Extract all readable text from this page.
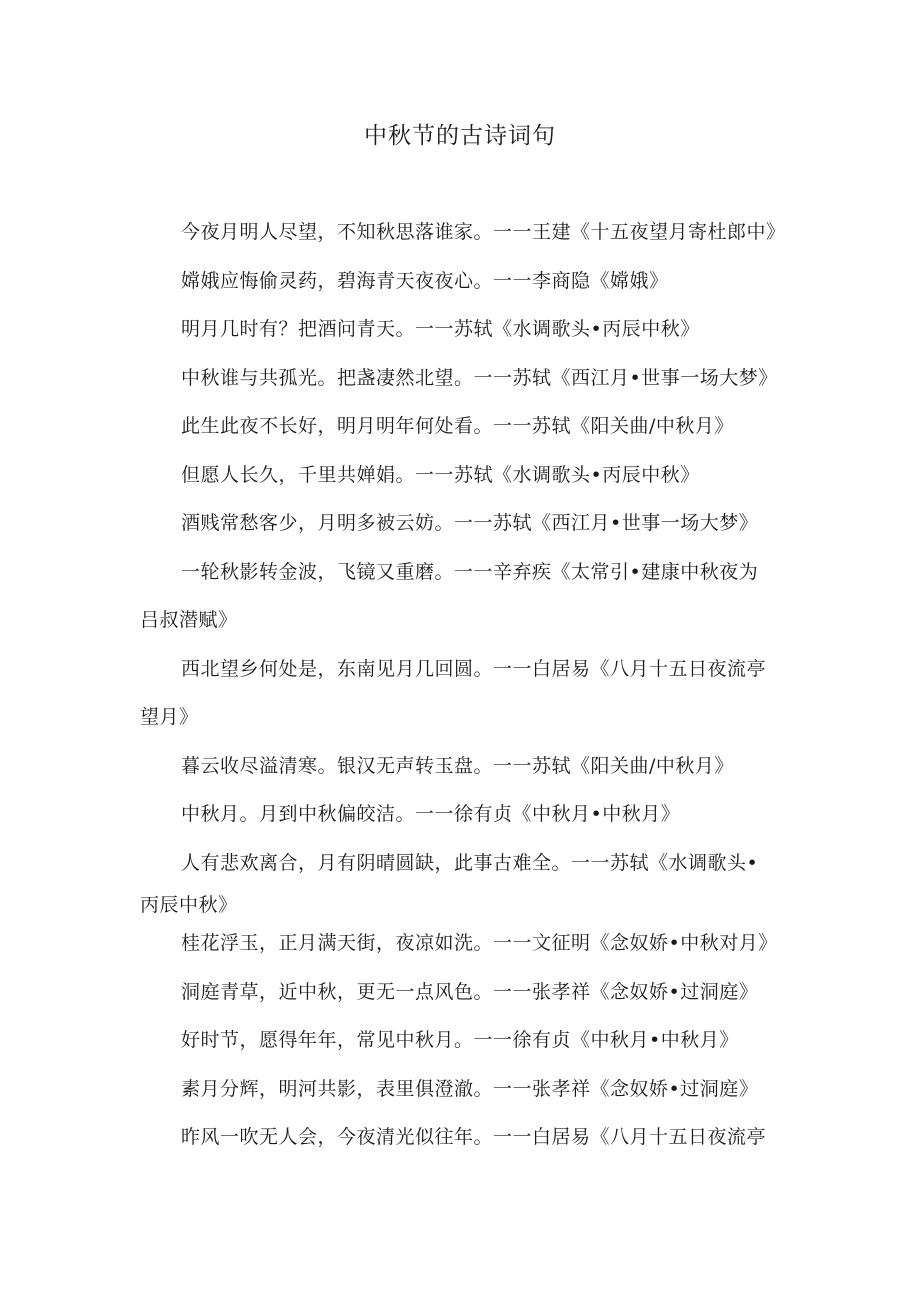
中秋节的古诗词句

今夜月明人尽望，不知秋思落谁家。一一王建《十五夜望月寄杜郎中》

嫦娥应悔偷灵药，碧海青天夜夜心。一一李商隐《嫦娥》

明月几时有？把酒问青天。一一苏轼《水调歌头•丙辰中秋》

中秋谁与共孤光。把盏凄然北望。一一苏轼《西江月•世事一场大梦》

此生此夜不长好，明月明年何处看。一一苏轼《阳关曲/中秋月》

但愿人长久，千里共婵娟。一一苏轼《水调歌头•丙辰中秋》

酒贱常愁客少，月明多被云妨。一一苏轼《西江月•世事一场大梦》

一轮秋影转金波，飞镜又重磨。一一辛弃疾《太常引•建康中秋夜为

吕叔潜赋》

西北望乡何处是，东南见月几回圆。一一白居易《八月十五日夜流亭

望月》

暮云收尽溢清寒。银汉无声转玉盘。一一苏轼《阳关曲/中秋月》

中秋月。月到中秋偏皎洁。一一徐有贞《中秋月•中秋月》

人有悲欢离合，月有阴晴圆缺，此事古难全。一一苏轼《水调歌头•

丙辰中秋》

桂花浮玉，正月满天街，夜凉如洗。一一文征明《念奴娇•中秋对月》

洞庭青草，近中秋，更无一点风色。一一张孝祥《念奴娇•过洞庭》

好时节，愿得年年，常见中秋月。一一徐有贞《中秋月•中秋月》

素月分辉，明河共影，表里俱澄澈。一一张孝祥《念奴娇•过洞庭》

昨风一吹无人会，今夜清光似往年。一一白居易《八月十五日夜流亭
